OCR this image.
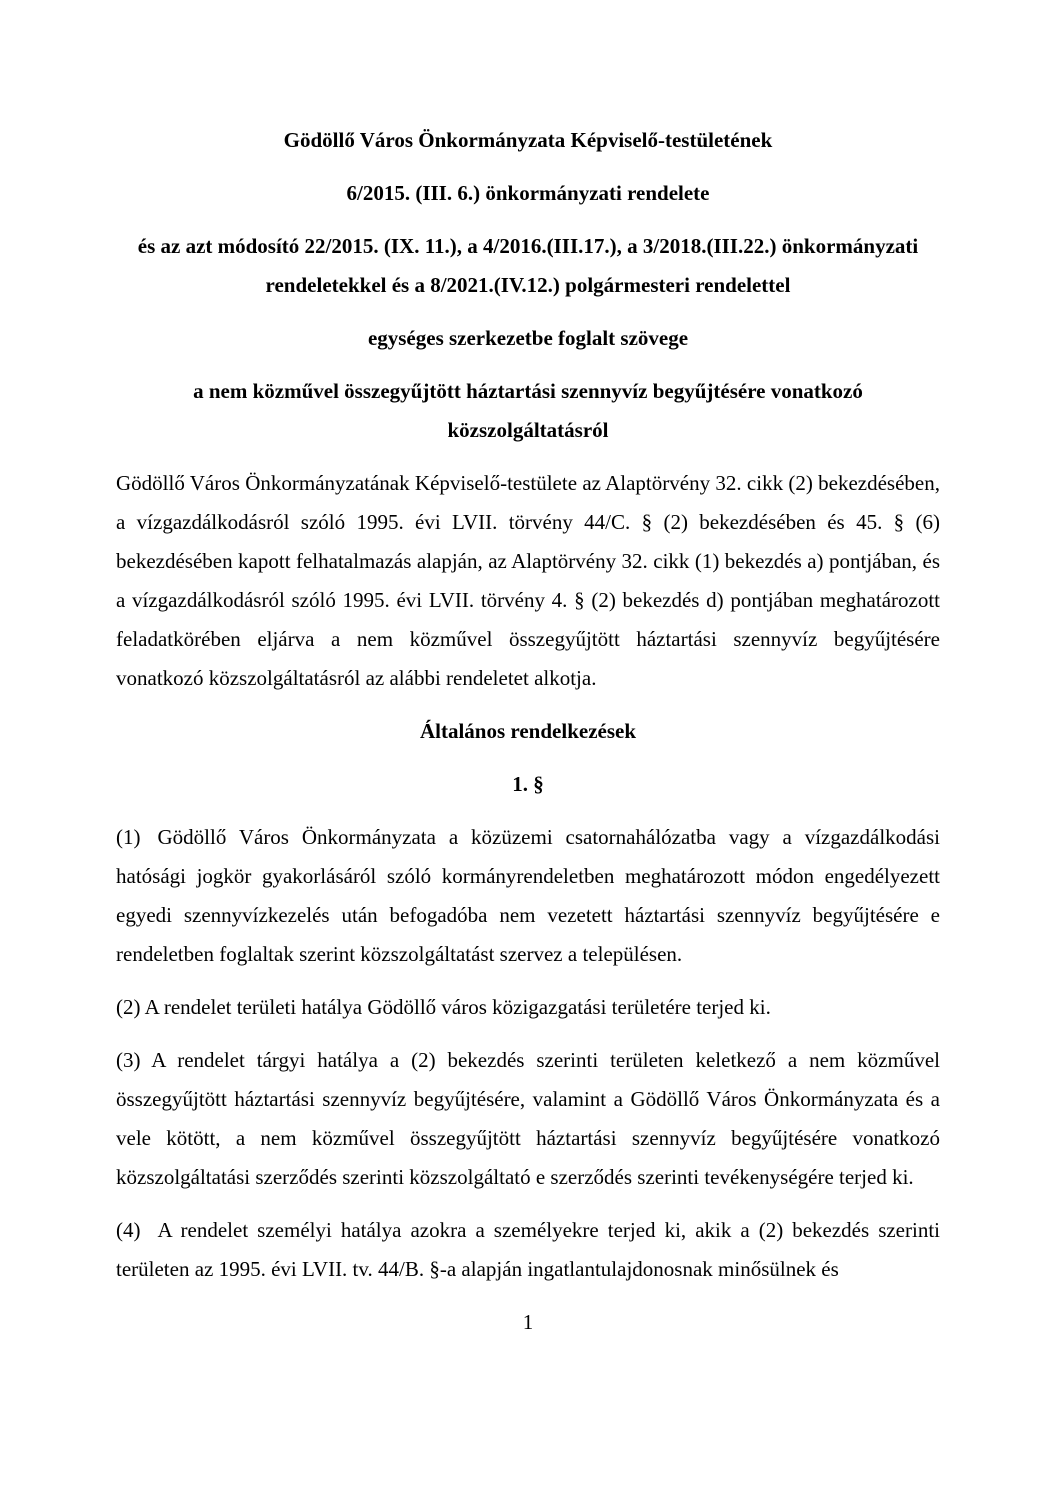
Gödöllő Város Önkormányzata Képviselő-testületének

6/2015. (III. 6.) önkormányzati rendelete

és az azt módosító 22/2015. (IX. 11.), a 4/2016.(III.17.), a 3/2018.(III.22.) önkormányzati rendeletekkel és a 8/2021.(IV.12.) polgármesteri rendelettel

egységes szerkezetbe foglalt szövege

a nem közművel összegyűjtött háztartási szennyvíz begyűjtésére vonatkozó közszolgáltatásról

Gödöllő Város Önkormányzatának Képviselő-testülete az Alaptörvény 32. cikk (2) bekezdésében, a vízgazdálkodásról szóló 1995. évi LVII. törvény 44/C. § (2) bekezdésében és 45. § (6) bekezdésében kapott felhatalmazás alapján, az Alaptörvény 32. cikk (1) bekezdés a) pontjában, és a vízgazdálkodásról szóló 1995. évi LVII. törvény 4. § (2) bekezdés d) pontjában meghatározott feladatkörében eljárva a nem közművel összegyűjtött háztartási szennyvíz begyűjtésére vonatkozó közszolgáltatásról az alábbi rendeletet alkotja.

Általános rendelkezések

1. §

(1) Gödöllő Város Önkormányzata a közüzemi csatornahálózatba vagy a vízgazdálkodási hatósági jogkör gyakorlásáról szóló kormányrendeletben meghatározott módon engedélyezett egyedi szennyvízkezelés után befogadóba nem vezetett háztartási szennyvíz begyűjtésére e rendeletben foglaltak szerint közszolgáltatást szervez a településen.

(2) A rendelet területi hatálya Gödöllő város közigazgatási területére terjed ki.

(3) A rendelet tárgyi hatálya a (2) bekezdés szerinti területen keletkező a nem közművel összegyűjtött háztartási szennyvíz begyűjtésére, valamint a Gödöllő Város Önkormányzata és a vele kötött, a nem közművel összegyűjtött háztartási szennyvíz begyűjtésére vonatkozó közszolgáltatási szerződés szerinti közszolgáltató e szerződés szerinti tevékenységére terjed ki.

(4) A rendelet személyi hatálya azokra a személyekre terjed ki, akik a (2) bekezdés szerinti területen az 1995. évi LVII. tv. 44/B. §-a alapján ingatlantulajdonosnak minősülnek és

1
